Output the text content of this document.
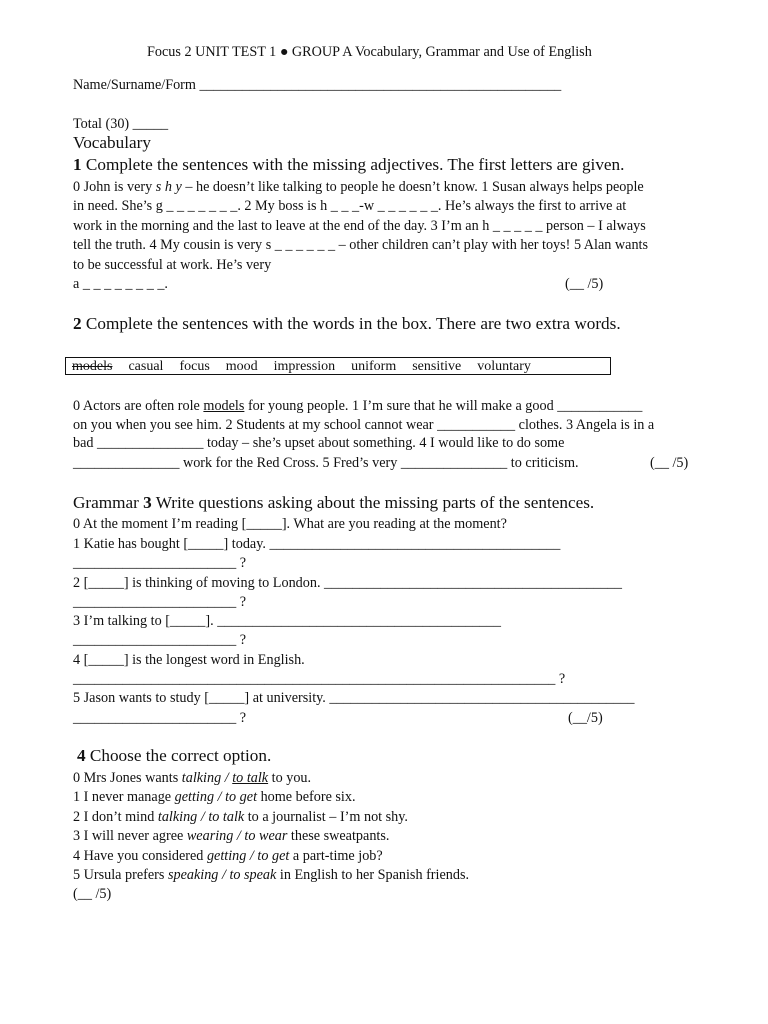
Focus 2 UNIT TEST 1 ● GROUP A Vocabulary, Grammar and Use of English
Name/Surname/Form ___________________________________________________
Total (30) _____
Vocabulary
1 Complete the sentences with the missing adjectives. The first letters are given.
0 John is very s h y – he doesn’t like talking to people he doesn’t know. 1 Susan always helps people
in need. She’s g _ _ _ _ _ _ _. 2 My boss is h _ _ _-w _ _ _ _ _ _. He’s always the first to arrive at
work in the morning and the last to leave at the end of the day. 3 I’m an h _ _ _ _ _ person – I always
tell the truth. 4 My cousin is very s _ _ _ _ _ _ – other children can’t play with her toys! 5 Alan wants
to be successful at work. He’s very
a _ _ _ _ _ _ _ _.	(__ /5)
2 Complete the sentences with the words in the box. There are two extra words.
models casual focus mood impression uniform sensitive voluntary
0 Actors are often role models for young people. 1 I’m sure that he will make a good ____________
on you when you see him. 2 Students at my school cannot wear ___________ clothes. 3 Angela is in a
bad _______________ today – she’s upset about something. 4 I would like to do some
_______________ work for the Red Cross. 5 Fred’s very _______________ to criticism.	(__ /5)
Grammar 3 Write questions asking about the missing parts of the sentences.
0 At the moment I’m reading [_____]. What are you reading at the moment?
1 Katie has bought [_____] today. _________________________________________
_______________________ ?
2 [_____] is thinking of moving to London. __________________________________________
_______________________ ?
3 I’m talking to [_____]. ________________________________________
_______________________ ?
4 [_____] is the longest word in English.
____________________________________________________________________ ?
5 Jason wants to study [_____] at university. ___________________________________________
_______________________ ?	(__/5)
4 Choose the correct option.
0 Mrs Jones wants talking / to talk to you.
1 I never manage getting / to get home before six.
2 I don’t mind talking / to talk to a journalist – I’m not shy.
3 I will never agree wearing / to wear these sweatpants.
4 Have you considered getting / to get a part-time job?
5 Ursula prefers speaking / to speak in English to her Spanish friends.
(__ /5)
